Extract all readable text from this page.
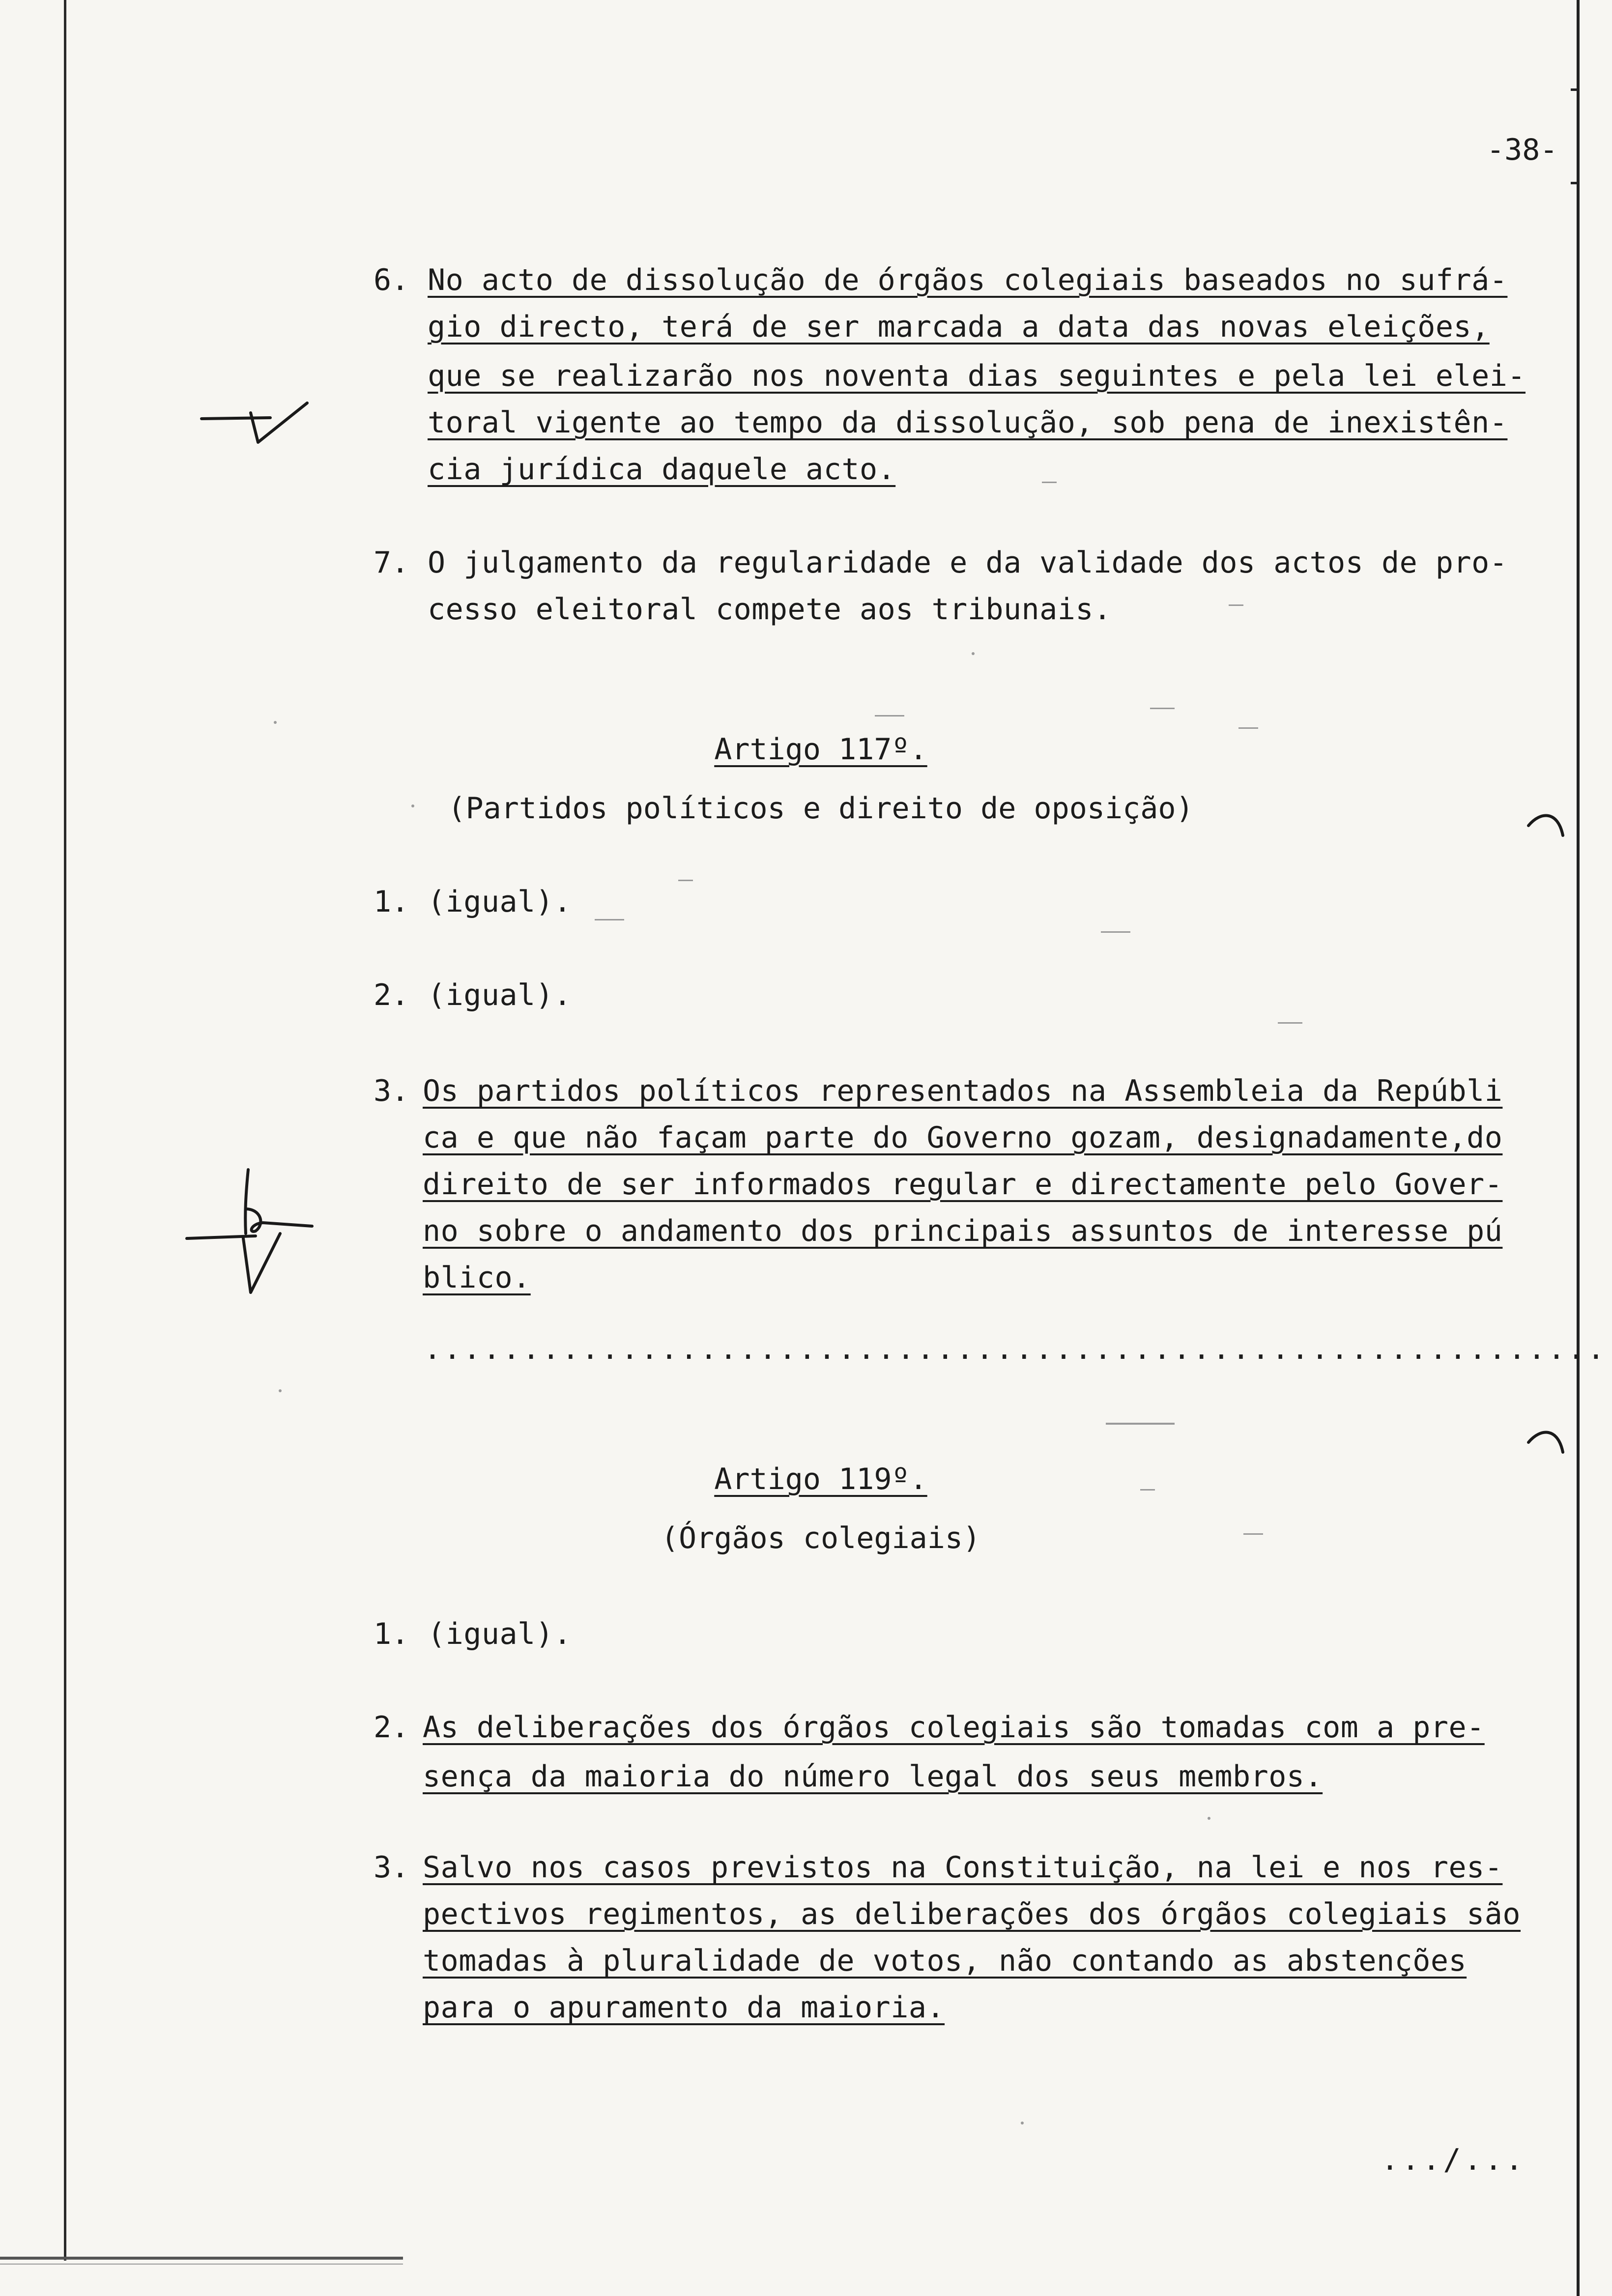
-38-
6. No acto de dissolução de órgãos colegiais baseados no sufrá-
gio directo, terá de ser marcada a data das novas eleições,
que se realizarão nos noventa dias seguintes e pela lei elei-
toral vigente ao tempo da dissolução, sob pena de inexistên-
cia jurídica daquele acto.
7. O julgamento da regularidade e da validade dos actos de pro-
cesso eleitoral compete aos tribunais.
Artigo 117º.
(Partidos políticos e direito de oposição)
1. (igual).
2. (igual).
3. Os partidos políticos representados na Assembleia da Repúbli
ca e que não façam parte do Governo gozam, designadamente,do
direito de ser informados regular e directamente pelo Gover-
no sobre o andamento dos principais assuntos de interesse pú
blico.
............................................................
Artigo 119º.
(Órgãos colegiais)
1. (igual).
2. As deliberações dos órgãos colegiais são tomadas com a pre-
sença da maioria do número legal dos seus membros.
3. Salvo nos casos previstos na Constituição, na lei e nos res-
pectivos regimentos, as deliberações dos órgãos colegiais são
tomadas à pluralidade de votos, não contando as abstenções
para o apuramento da maioria.
.../...
